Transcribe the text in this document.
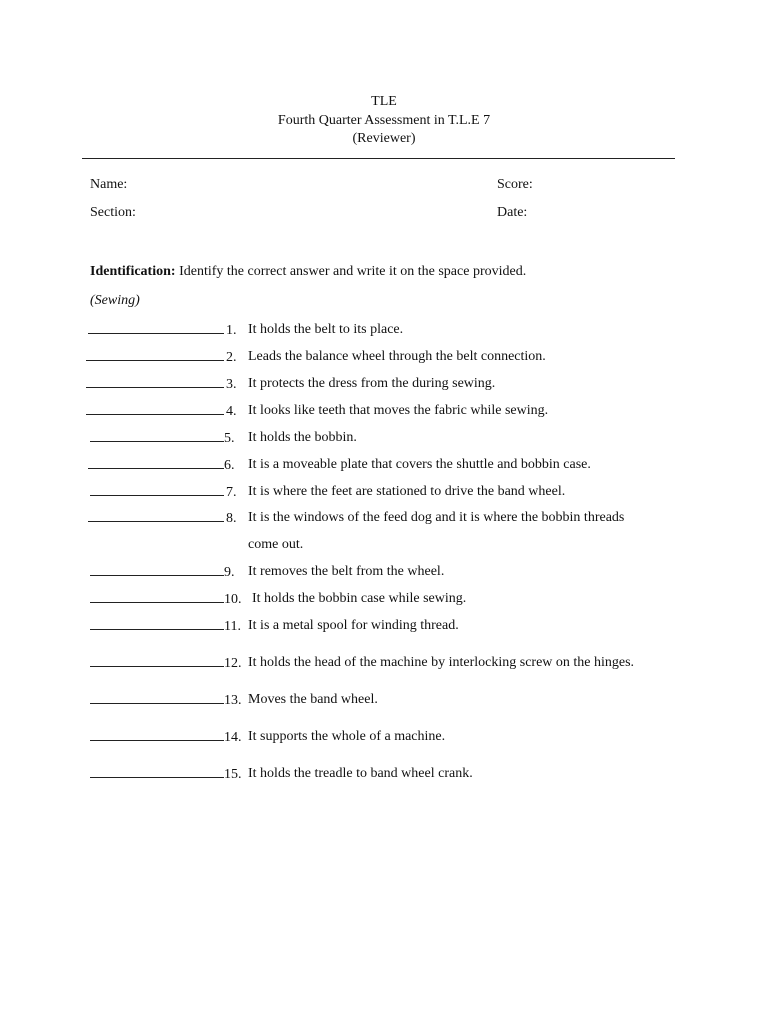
TLE
Fourth Quarter Assessment in T.L.E 7
(Reviewer)
Name:	Score:
Section:	Date:
Identification: Identify the correct answer and write it on the space provided.
(Sewing)
1. It holds the belt to its place.
2. Leads the balance wheel through the belt connection.
3. It protects the dress from the during sewing.
4. It looks like teeth that moves the fabric while sewing.
5. It holds the bobbin.
6. It is a moveable plate that covers the shuttle and bobbin case.
7. It is where the feet are stationed to drive the band wheel.
8. It is the windows of the feed dog and it is where the bobbin threads
come out.
9. It removes the belt from the wheel.
10. It holds the bobbin case while sewing.
11. It is a metal spool for winding thread.
12. It holds the head of the machine by interlocking screw on the hinges.
13. Moves the band wheel.
14. It supports the whole of a machine.
15. It holds the treadle to band wheel crank.
